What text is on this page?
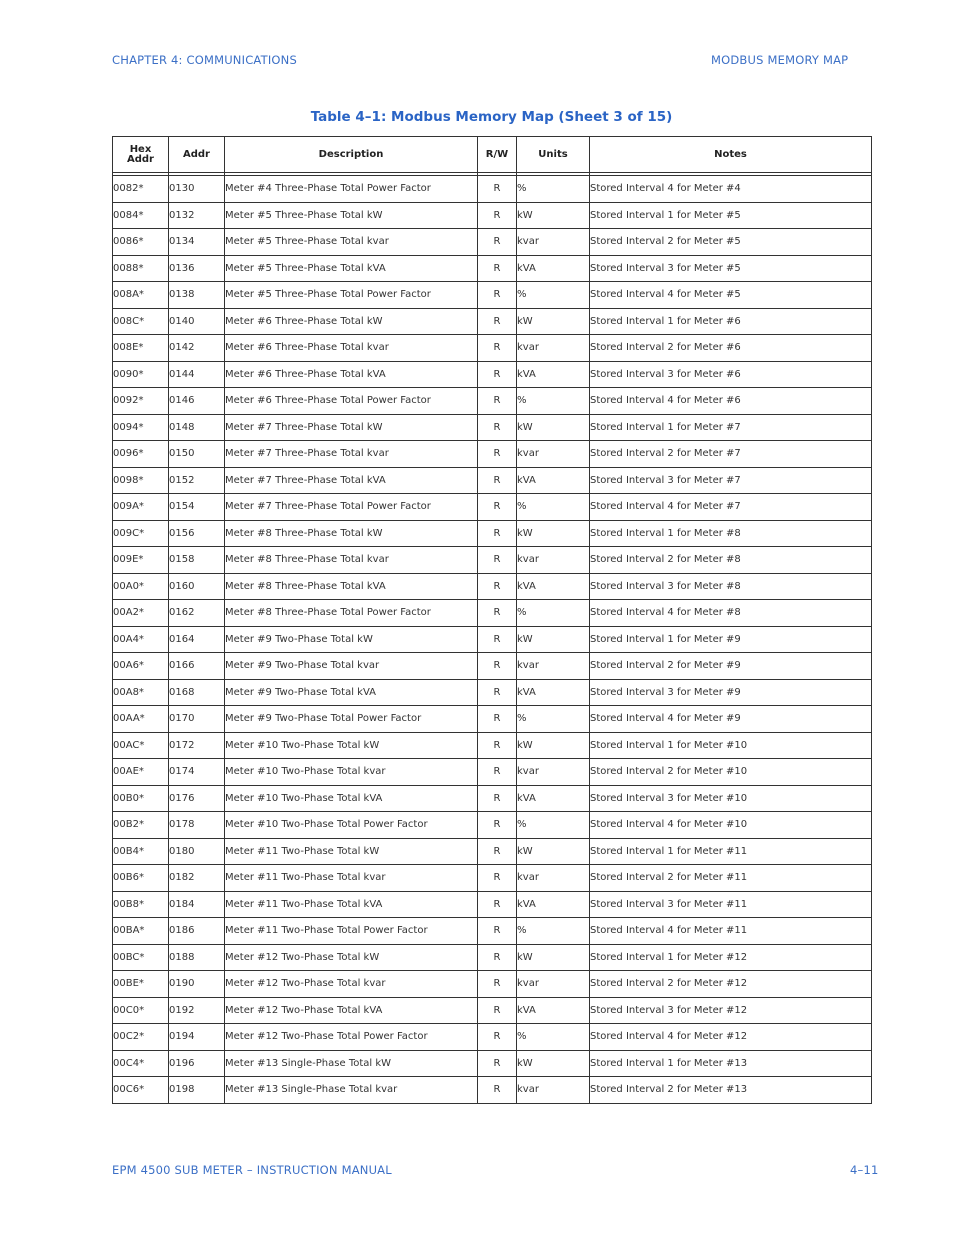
CHAPTER 4: COMMUNICATIONS	MODBUS MEMORY MAP
Table 4–1: Modbus Memory Map (Sheet 3 of 15)
Hex
Addr	Addr	Description	R/W	Units	Notes

0082*	0130	Meter #4 Three-Phase Total Power Factor	R	%	Stored Interval 4 for Meter #4
0084*	0132	Meter #5 Three-Phase Total kW	R	kW	Stored Interval 1 for Meter #5
0086*	0134	Meter #5 Three-Phase Total kvar	R	kvar	Stored Interval 2 for Meter #5
0088*	0136	Meter #5 Three-Phase Total kVA	R	kVA	Stored Interval 3 for Meter #5
008A*	0138	Meter #5 Three-Phase Total Power Factor	R	%	Stored Interval 4 for Meter #5
008C*	0140	Meter #6 Three-Phase Total kW	R	kW	Stored Interval 1 for Meter #6
008E*	0142	Meter #6 Three-Phase Total kvar	R	kvar	Stored Interval 2 for Meter #6
0090*	0144	Meter #6 Three-Phase Total kVA	R	kVA	Stored Interval 3 for Meter #6
0092*	0146	Meter #6 Three-Phase Total Power Factor	R	%	Stored Interval 4 for Meter #6
0094*	0148	Meter #7 Three-Phase Total kW	R	kW	Stored Interval 1 for Meter #7
0096*	0150	Meter #7 Three-Phase Total kvar	R	kvar	Stored Interval 2 for Meter #7
0098*	0152	Meter #7 Three-Phase Total kVA	R	kVA	Stored Interval 3 for Meter #7
009A*	0154	Meter #7 Three-Phase Total Power Factor	R	%	Stored Interval 4 for Meter #7
009C*	0156	Meter #8 Three-Phase Total kW	R	kW	Stored Interval 1 for Meter #8
009E*	0158	Meter #8 Three-Phase Total kvar	R	kvar	Stored Interval 2 for Meter #8
00A0*	0160	Meter #8 Three-Phase Total kVA	R	kVA	Stored Interval 3 for Meter #8
00A2*	0162	Meter #8 Three-Phase Total Power Factor	R	%	Stored Interval 4 for Meter #8
00A4*	0164	Meter #9 Two-Phase Total kW	R	kW	Stored Interval 1 for Meter #9
00A6*	0166	Meter #9 Two-Phase Total kvar	R	kvar	Stored Interval 2 for Meter #9
00A8*	0168	Meter #9 Two-Phase Total kVA	R	kVA	Stored Interval 3 for Meter #9
00AA*	0170	Meter #9 Two-Phase Total Power Factor	R	%	Stored Interval 4 for Meter #9
00AC*	0172	Meter #10 Two-Phase Total kW	R	kW	Stored Interval 1 for Meter #10
00AE*	0174	Meter #10 Two-Phase Total kvar	R	kvar	Stored Interval 2 for Meter #10
00B0*	0176	Meter #10 Two-Phase Total kVA	R	kVA	Stored Interval 3 for Meter #10
00B2*	0178	Meter #10 Two-Phase Total Power Factor	R	%	Stored Interval 4 for Meter #10
00B4*	0180	Meter #11 Two-Phase Total kW	R	kW	Stored Interval 1 for Meter #11
00B6*	0182	Meter #11 Two-Phase Total kvar	R	kvar	Stored Interval 2 for Meter #11
00B8*	0184	Meter #11 Two-Phase Total kVA	R	kVA	Stored Interval 3 for Meter #11
00BA*	0186	Meter #11 Two-Phase Total Power Factor	R	%	Stored Interval 4 for Meter #11
00BC*	0188	Meter #12 Two-Phase Total kW	R	kW	Stored Interval 1 for Meter #12
00BE*	0190	Meter #12 Two-Phase Total kvar	R	kvar	Stored Interval 2 for Meter #12
00C0*	0192	Meter #12 Two-Phase Total kVA	R	kVA	Stored Interval 3 for Meter #12
00C2*	0194	Meter #12 Two-Phase Total Power Factor	R	%	Stored Interval 4 for Meter #12
00C4*	0196	Meter #13 Single-Phase Total kW	R	kW	Stored Interval 1 for Meter #13
00C6*	0198	Meter #13 Single-Phase Total kvar	R	kvar	Stored Interval 2 for Meter #13
EPM 4500 SUB METER – INSTRUCTION MANUAL	4–11
